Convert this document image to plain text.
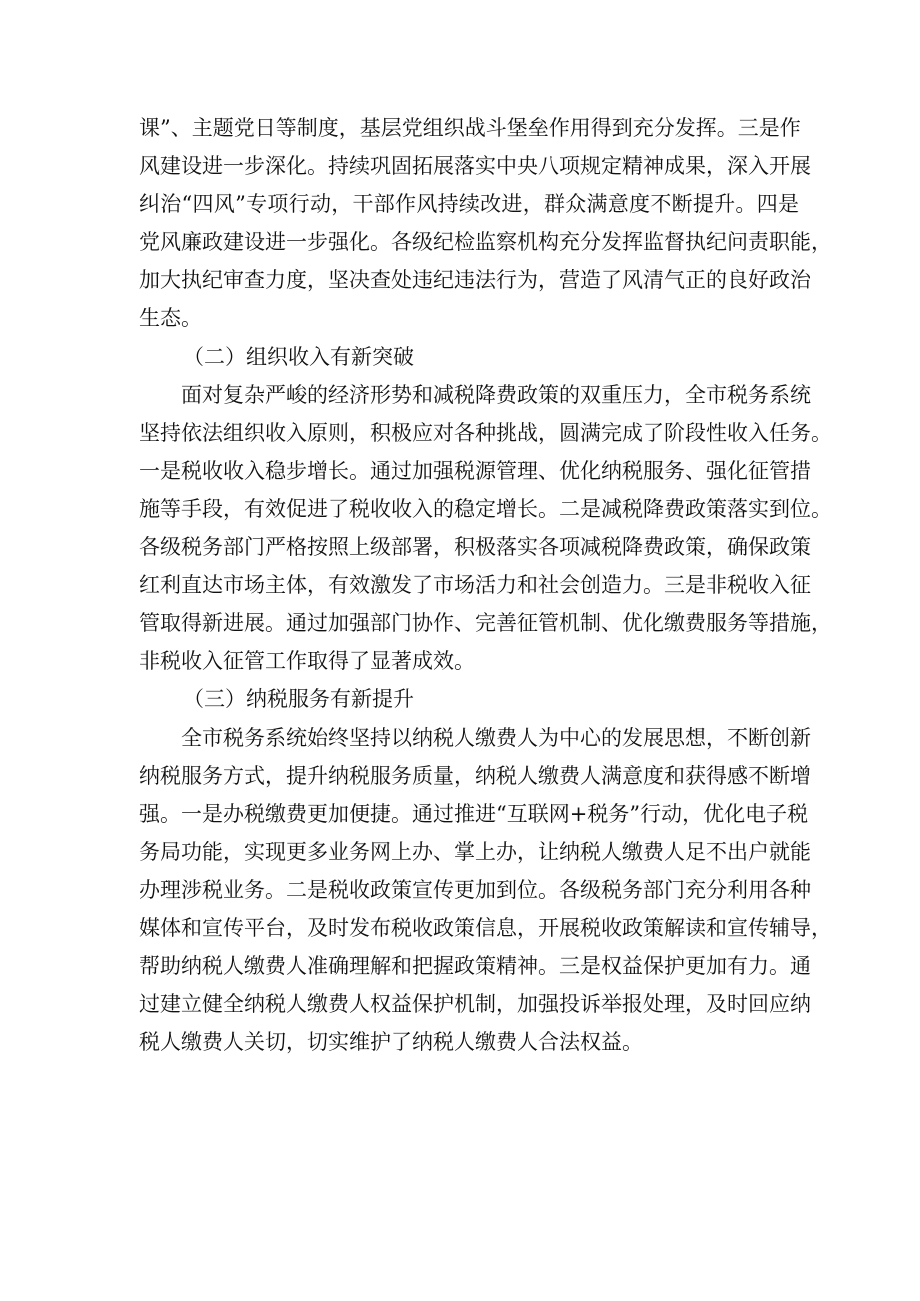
课”、主题党日等制度，基层党组织战斗堡垒作用得到充分发挥。三是作
风建设进一步深化。持续巩固拓展落实中央八项规定精神成果，深入开展
纠治“四风”专项行动，干部作风持续改进，群众满意度不断提升。四是
党风廉政建设进一步强化。各级纪检监察机构充分发挥监督执纪问责职能，
加大执纪审查力度，坚决查处违纪违法行为，营造了风清气正的良好政治
生态。
（二）组织收入有新突破
面对复杂严峻的经济形势和减税降费政策的双重压力，全市税务系统
坚持依法组织收入原则，积极应对各种挑战，圆满完成了阶段性收入任务。
一是税收收入稳步增长。通过加强税源管理、优化纳税服务、强化征管措
施等手段，有效促进了税收收入的稳定增长。二是减税降费政策落实到位。
各级税务部门严格按照上级部署，积极落实各项减税降费政策，确保政策
红利直达市场主体，有效激发了市场活力和社会创造力。三是非税收入征
管取得新进展。通过加强部门协作、完善征管机制、优化缴费服务等措施，
非税收入征管工作取得了显著成效。
（三）纳税服务有新提升
全市税务系统始终坚持以纳税人缴费人为中心的发展思想，不断创新
纳税服务方式，提升纳税服务质量，纳税人缴费人满意度和获得感不断增
强。一是办税缴费更加便捷。通过推进“互联网+税务”行动，优化电子税
务局功能，实现更多业务网上办、掌上办，让纳税人缴费人足不出户就能
办理涉税业务。二是税收政策宣传更加到位。各级税务部门充分利用各种
媒体和宣传平台，及时发布税收政策信息，开展税收政策解读和宣传辅导，
帮助纳税人缴费人准确理解和把握政策精神。三是权益保护更加有力。通
过建立健全纳税人缴费人权益保护机制，加强投诉举报处理，及时回应纳
税人缴费人关切，切实维护了纳税人缴费人合法权益。
